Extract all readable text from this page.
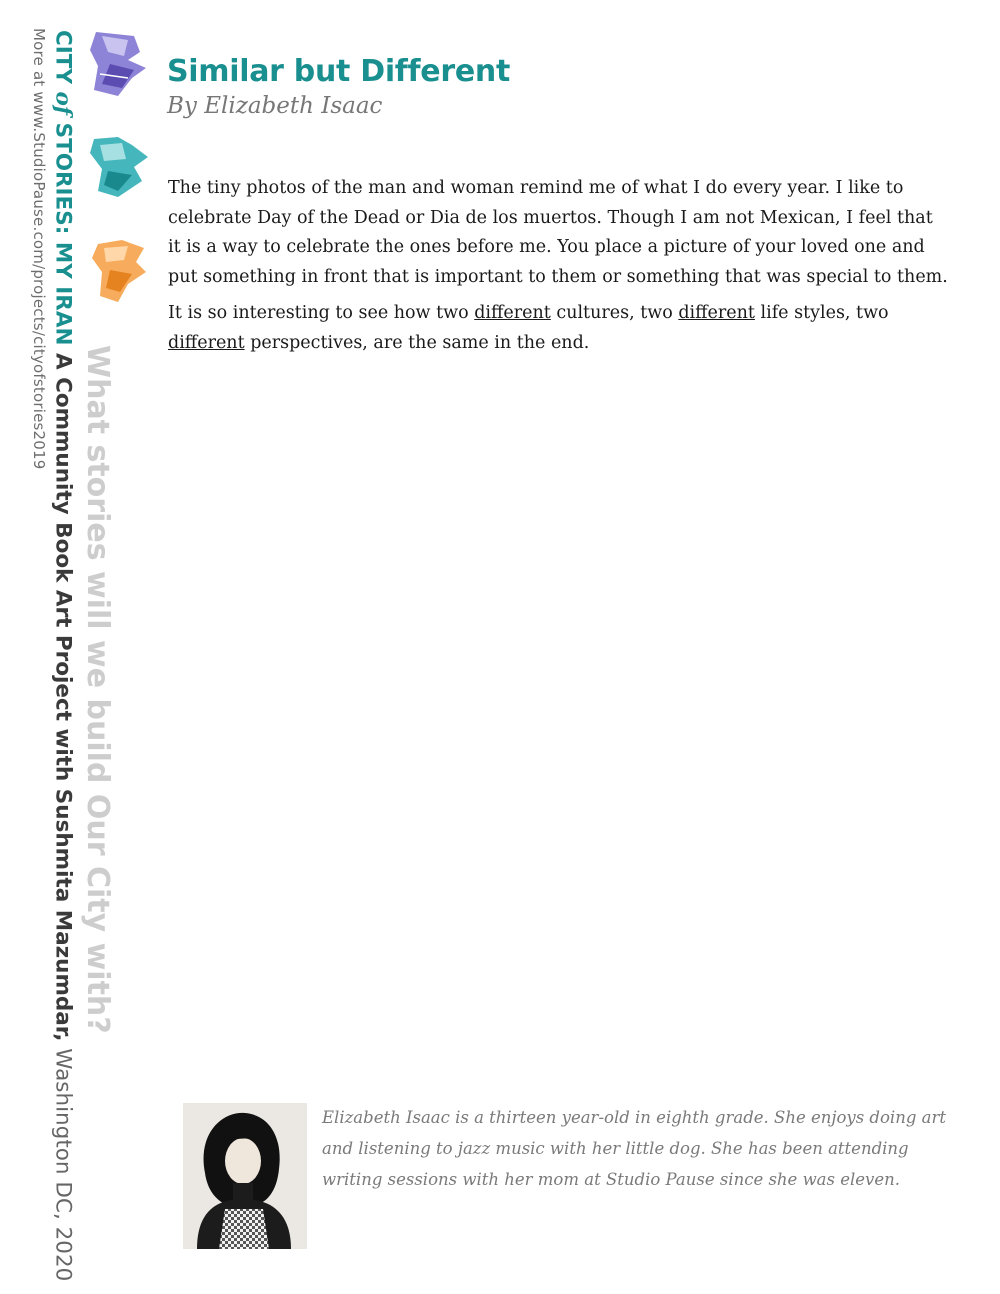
More at www.StudioPause.com/projects/cityofstories2019 CITY of STORIES: MY IRAN A Community Book Art Project with Sushmita Mazumdar, Washington DC, 2020
What stories will we build Our City with?
Similar but Different
By Elizabeth Isaac

The tiny photos of the man and woman remind me of what I do every year. I like to celebrate Day of the Dead or Dia de los muertos. Though I am not Mexican, I feel that it is a way to celebrate the ones before me. You place a picture of your loved one and put something in front that is important to them or something that was special to them.

It is so interesting to see how two different cultures, two different life styles, two different perspectives, are the same in the end.

Elizabeth Isaac is a thirteen year-old in eighth grade. She enjoys doing art and listening to jazz music with her little dog. She has been attending writing sessions with her mom at Studio Pause since she was eleven.
